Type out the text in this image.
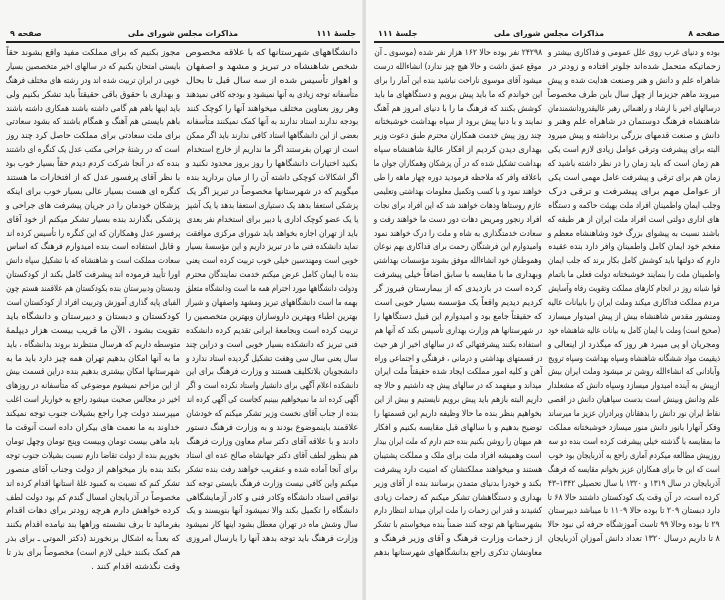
صفحه ۹	مذاکرات مجلس شورای ملی	جلسهٔ ۱۱۱
دانشگاههای شهرستانها که با علاقه مخصوص
شخص شاهنشاه در تبریز و مشهد و اصفهان
و اهواز تأسیس شده از سه سال قبل تا بحال
متأسفانه توجه زیادی به آنها نمیشود و بودجه کافی نمیدهند
وهر روز بعناوین مختلف میخواهند آنها را کوچک کنند
بودجه ندارند استاد ندارند به آنها کمک نمیکنند متأسفانه
بعضی از این دانشگاهها استاد کافی ندارند باید اگر ممکن
است از تهران بفرستند اگر ما نداریم از خارج استخدام
بکنید اختیارات دانشگاهها را روز بروز محدود نکنید و
اگر اشکالات کوچکی داشته آن را از میان بردارید بنده
میگویم که در شهرستانها مخصوصاً در تبریز اگر یک
پزشکی استعفا بدهد یک دستیاری استعفا بدهد یا یک آشپز
یا یک عضو کوچک اداری یا دبیر برای استخدام نفر بعدی
باید از تهران اجازه بخواهد باید شورای مرکزی موافقت
نماید دانشکده فنی ما در تبریز داریم و این مؤسسهٔ بسیار
خوبی است ومهندسین خیلی خوب تربیت کرده است یعنی
بنده با ایمان کامل عرض میکنم خدمت نمایندگان محترم
ودولت دانشگاهها مورد احترام همه ما است ودانشگاه متعلق
بهمه ما است دانشگاههای تبریز ومشهد واصفهان و شیراز
بهترین اطباء وبهترین داروسازان وبهترین متخصصین را
تربیت کرده است وبجامعهٔ ایرانی تقدیم کرده دانشکده
فنی تبریز که دانشکده بسیار خوبی است و دراین چند
سال یعنی سال سی وهفت تشکیل گردیده استاد ندارد و
دانشجویان بلاتکلیف هستند و وزارت فرهنگ برای این
دانشکده اعلام آگهی برای دانشیار واستاد نکرده است و اگر
آگهی کرده اند ما نمیخواهیم ببینیم کجاست کی آگهی کرده اند
بنده از جناب آقای نخست وزیر تشکر میکنم که خودشان
علاقمند باینموضوع بودند و به وزارت فرهنگ دستور
دادند و با علاقه آقای دکتر سام معاون وزارت فرهنگ
هم بنظور لطف آقای دکتر جهانشاه صالح عده ای استاد
برای آنجا آماده شده و عنقریب خواهند رفت بنده تشکر
میکنم واین کافی نیست وزارت فرهنگ بایستی توجه کند
نواقص استاد دانشگاه وکادر فنی و کادر آزمایشگاهی
دانشگاه را تکمیل بکند والا نمیشود آنها بنویسند و یک
سال وشش ماه در تهران معطل بشود اینها کار نمیشود
وزارت فرهنگ باید توجه بدهد آنها را بارسال امروزی
مجوز بکنیم که برای مملکت مفید واقع بشوند حقاً
بایستی امتحان بکنیم که در سالهای اخیر متخصصین بسیار
خوبی در ایران تربیت شده اند ودر رشته های مختلف فرهنگ
و بهداری با حقوق باقی حقیقتاً باید تشکر بکنیم ولی
باید اینها باهم هم گامی داشته باشند همکاری داشته باشند
باهم بایستی هم آهنگ و همگام باشند که بشود سعادتی
برای ملت سعادتی برای مملکت حاصل کرد چند روز
است که در رشتهٔ جراحی مکتب عدل یک کنگره ای داشتند
بنده که در آنجا شرکت کردم دیدم حقاً بسیار خوب بود
با نظر آقای پرفسور عدل که از افتخارات ما هستند
کنگره ای هست بسیار عالی بسیار خوب برای اینکه
پزشکان خودمان را در جریان پیشرفت های جراحی و
پزشکی بگذارند بنده بسیار تشکر میکنم از خود آقای
پرفسور عدل وهمکاران که این کنگره را تأسیس کرده اند
و قابل استفاده است بنده امیدوارم فرهنگ که اساس
سعادت مملکت است و شاهنشاه که با تشکیل سپاه دانش
اورا تأیید فرموده اند پیشرفت کامل بکند از کودکستان
ودبستان ودبیرستان بنده بکودکستان هم علاقمند هستم چون
الفبای پایه گذاری آموزش وتربیت افراد از کودکستان است
کودکستان و دبستان و دبیرستان و دانشگاه باید
تقویت بشود ، الآن ما قریب بیست هزار دیپلمهٔ
متوسطه داریم که هرسال منتظرند بروند بدانشگاه ، باید
ما به آنها امکان بدهیم تهران همه چیز دارد باید ما به
شهرستانها امکان بیشتری بدهیم بنده دراین قسمت بیش
از این مزاحم نمیشوم موضوعی که متأسفانه در روزهای
اخیر در مجالس صحبت میشود راجع به خواربار است اغلب
میپرسند دولت چرا راجع بشیلات جنوب توجه نمیکند
خداوند به ما نعمت های بیکران داده است آنوقت ما
باید ماهی بیست تومان وبیست وپنج تومان وچهل تومان
بخوریم بنده از دولت تقاضا دارم نسبت بشیلات جنوب توجه
بکند بنده باز میخواهم از دولت وجناب آقای منصور
تشکر کنم که نسبت به کمبود غلهٔ استانها اقدام کرده اند
مخصوصاً در آذربایجان امسال گندم کم بود دولت لطف
کرده خواهش دارم هرچه زودتر برای دهات اقدام
بفرمائید تا برف نشسته وراهها بند نیامده اقدام بکنند
که بعداً به اشکال برنخورند (دکتر الموتی ـ برای بذر
هم کمک بکنند خیلی لازم است) مخصوصاً برای بذر تا
وقت نگذشته اقدام کنند .
جلسهٔ ۱۱۱	مذاکرات مجلس شورای ملی	صفحه ۸
بوده و دنیای غرب روی علل عمومی و فداکاری بیشتر و
زحماتیکه متحمل شده‌اند جلوتر افتاده و زودتر در
شاهراه علم و دانش و هنر وصنعت هدایت شده و پیش
میروند ماهم جزیزما از چهل سال باین طرف مخصوصاً
درسالهای اخیر با ارشاد و راهنمائی رهبر عالیقدرودانشمندمان
شاهنشاه فرهنگ دوستمان در شاهراه علم وهنر و
دانش و صنعت قدمهای بزرگی برداشته و پیش میرود
البته برای پیشرفت وترقی عوامل زیادی لازم است یکی
هم زمان است که باید زمان را در نظر داشته باشید که
زمان هم برای ترقی و پیشرفت عامل مهمی است یکی
از عوامل مهم برای پیشرفت و ترقی درک
وجلب ایمان واطمینان افراد ملت بهیئت حاکمه و دستگاه
های اداری دولتی است افراد ملت ایران از هر طبقه که
باشند نسبت به پیشوای بزرگ خود وشاهنشاه معظم و
مفخم خود ایمان کامل واطمینان وافر دارد بنده عقیده
دارم که دولتها باید کوشش کامل بکار برند که جلب ایمان
واطمینان ملت را بنمایند خوشبختانه دولت فعلی ما باتمام
قوا شبانه روز در انجام کارهای مملکت وتقویت رفاه وآسایش
مردم مملکت فداکاری میکند وملت ایران را بابیانات عالیه
ومنشور مقدس شاهنشاه بیش از پیش امیدوار میسازد
(صحیح است) وملت با ایمان کامل به بیانات عالیه شاهنشاه خود
ومجریان او پی میبرد هر روز که میگذرد از اینعالی و
ذیقیمت مواد ششگانه شاهنشاه وسپاه بهداشت وسپاه ترویج
وآبادانی که انشاءالله روشن تر میشود وملت ایران بیش
ازپیش به آینده امیدوار میسازد وسپاه دانش که مشعلدار
علم ودانش وبینش است بدست سپاهیان دانش در اقصی
نقاط ایران نور دانش را بدهقانان وبرادران عزیز ما میرساند
وفکر آنهارا بانور دانش منور میسازد خوشبختانه مملکت
ما بمقایسه با گذشته خیلی پیشرفت کرده است بنده دو سه
روزپیش مطالعه میکردم آماری راجع به آذربایجان بود خوب
است که این جا برای همکاران عزیز بخوانم مقایسه که فرهنگ
آذربایجان در سال ۱۳۱۹ و ۱۳۲۰ با سال تحصیلی ۱۳۴۲–۴۳
کرده است، در آن وقت یک کودکستان داشتند حالا ۶۸ تا
دارد دبستان ۲۰۹ تا بوده حالا ۱۱۰۹ تا میباشد دبیرستان
۲۹ تا بوده وحالا ۹۹ تاست آموزشگاه حرفه ئی نبود حالا
۸ تا داریم درسال ۱۳۲۰ تعداد دانش آموزان آذربایجان
۲۴۲۹۸ نفر بوده حالا ۱۶۲ هزار نفر شده (موسوی ـ آن
موقع عمق داشت و حالا هیچ چیز ندارد) انشاءالله درست
میشود آقای موسوی ناراحت نباشید بنده این آمار را برای
این خواندم که ما باید پیش برویم و دستگاههای ما باید
کوشش بکنند که فرهنگ ما را با دنیای امروز هم آهنگ
نمایند و با دنیا پیش برود از سپاه بهداشت خوشبختانه
چند روز پیش خدمت همکاران محترم طبق دعوت وزیر
بهداری دیدن کردیم از افکار عالیهٔ شاهنشاه سپاه
بهداشت تشکیل شده که در آن پزشکان وهمکاران جوان ما
باعلاقه وافر که ملاحظه فرمودید دوره چهار ماهه را طی
خواهند نمود و با کسب وتکمیل معلومات بهداشتی وتعلیمی
عازم روستاها ودهات خواهند شد که این افراد برای نجات
افراد رنجور ومریض دهات دور دست ما خواهند رفت و
سعادت خدمتگذاری به شاه و ملت را درک خواهند نمود
وامیدوارم این فرشتگان رحمت برای فداکاری بهم نوعان
وهموطنان خود انشاءالله موفق بشوند مؤسسات بهداشتی
وبهداری ما با مقایسه با سابق اضافاً خیلی پیشرفت
کرده است در بازدیدی که از بیمارستان فیروز گر
کردیم دیدیم واقعاً یک مؤسسه بسیار خوبی است
که حقیقتاً جامع بود و امیدوارم این قبیل دستگاهها را
در شهرستانها هم وزارت بهداری تأسیس بکند که آنها هم
استفاده بکنند پیشرفتهائی که در سالهای اخیر از هر حیث
در قسمتهای بهداشتی و درمانی ، فرهنگی و اجتماعی وراه
آهن و کلیه امور مملکت ایجاد شده حقیقتاً ملت ایران
میداند و میفهمد که در سالهای پیش چه داشتیم و حالا چه
داریم البته بازهم باید پیش برویم نایستیم و بیش از این
بخواهیم بنظر بنده ما حالا وظیفه داریم این قسمتها را
توضیح بدهیم و با سالهای قبل مقایسه بکنیم و افکار
هم میهنان را روشن بکنیم بنده حتم دارم که ملت ایران بیدار
است وهمیشه افراد ملت برای ملک و مملکت پشتیبان
هستند و میخواهند مملکتشان که امنیت دارد پیشرفت
بکند و خودرا بدنیای متمدن برسانند بنده از آقای وزیر
بهداری و دستگاهشان تشکر میکنم که زحمات زیادی
کشیدند و قدر این زحمات را ملت ایران میداند انتظار دارم
بشهرستانها هم توجه کنند ضمناً بنده میخواستم با تشکر
از زحمات وزارت فرهنگ و آقای وزیر فرهنگ و
معاونشان تذکری راجع بدانشگاههای شهرستانها بدهم
